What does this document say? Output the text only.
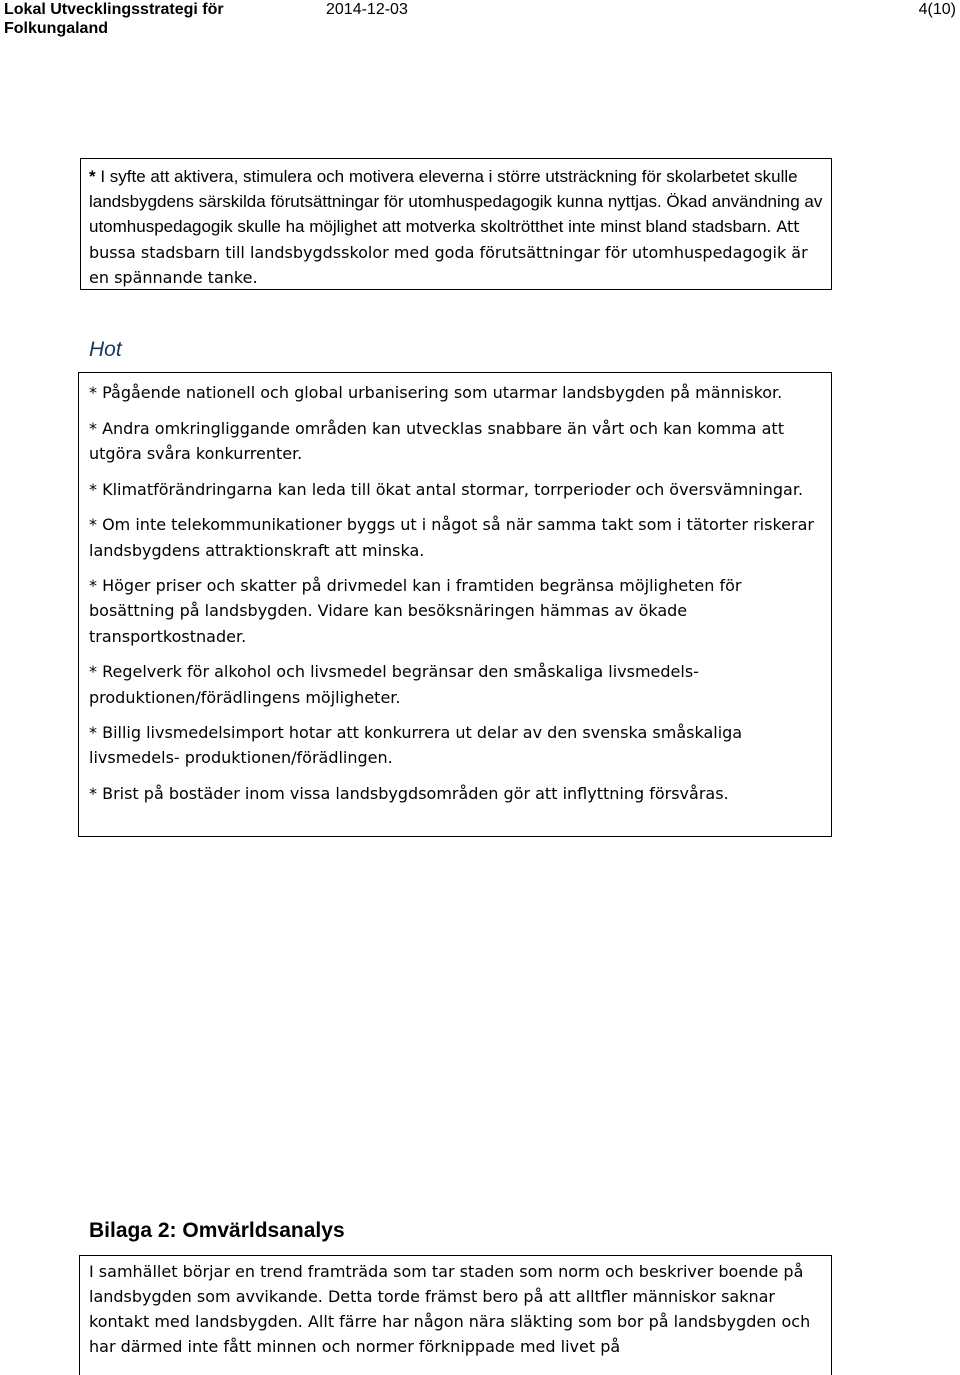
Lokal Utvecklingsstrategi för
Folkungaland
2014-12-03	4(10)

* I syfte att aktivera, stimulera och motivera eleverna i större utsträckning för skolarbetet skulle landsbygdens särskilda förutsättningar för utomhuspedagogik kunna nyttjas. Ökad användning av utomhuspedagogik skulle ha möjlighet att motverka skoltrötthet inte minst bland stadsbarn. Att bussa stadsbarn till landsbygdsskolor med goda förutsättningar för utomhuspedagogik är en spännande tanke.

Hot

* Pågående nationell och global urbanisering som utarmar landsbygden på människor.

* Andra omkringliggande områden kan utvecklas snabbare än vårt och kan komma att utgöra svåra konkurrenter.

* Klimatförändringarna kan leda till ökat antal stormar, torrperioder och översvämningar.

* Om inte telekommunikationer byggs ut i något så när samma takt som i tätorter riskerar landsbygdens attraktionskraft att minska.

* Höger priser och skatter på drivmedel kan i framtiden begränsa möjligheten för bosättning på landsbygden. Vidare kan besöksnäringen hämmas av ökade transportkostnader.

* Regelverk för alkohol och livsmedel begränsar den småskaliga livsmedels-produktionen/förädlingens möjligheter.

* Billig livsmedelsimport hotar att konkurrera ut delar av den svenska småskaliga livsmedels- produktionen/förädlingen.

* Brist på bostäder inom vissa landsbygdsområden gör att inflyttning försvåras.

Bilaga 2: Omvärldsanalys

I samhället börjar en trend framträda som tar staden som norm och beskriver boende på landsbygden som avvikande. Detta torde främst bero på att alltfler människor saknar kontakt med landsbygden. Allt färre har någon nära släkting som bor på landsbygden och har därmed inte fått minnen och normer förknippade med livet på
